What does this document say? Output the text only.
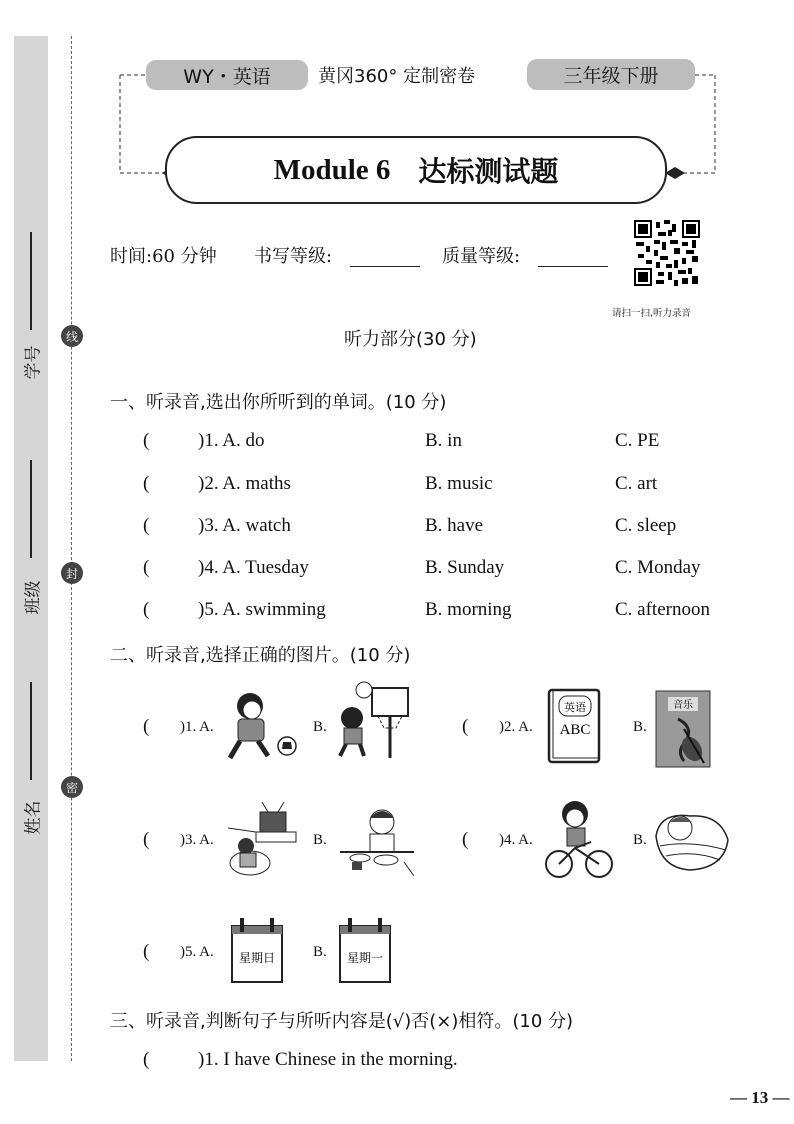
学号
班级
姓名
线
封
密
WY・英语	黄冈360° 定制密卷	三年级下册
Module 6 达标测试题
时间:60 分钟 书写等级:	质量等级:
请扫一扫,听力录音
听力部分(30 分)
一、听录音,选出你所听到的单词。(10 分)
(	)1. A. do	B. in	C. PE
(	)2. A. maths	B. music	C. art
(	)3. A. watch	B. have	C. sleep
(	)4. A. Tuesday	B. Sunday	C. Monday
(	)5. A. swimming	B. morning	C. afternoon
二、听录音,选择正确的图片。(10 分)
( )1. A.	B.	( )2. A.
英语
ABC	B.
音乐
( )3. A.	B.	( )4. A.	B.
( )5. A. 星期日	B. 星期一
三、听录音,判断句子与所听内容是(√)否(×)相符。(10 分)
(	)1. I have Chinese in the morning.
— 13 —
